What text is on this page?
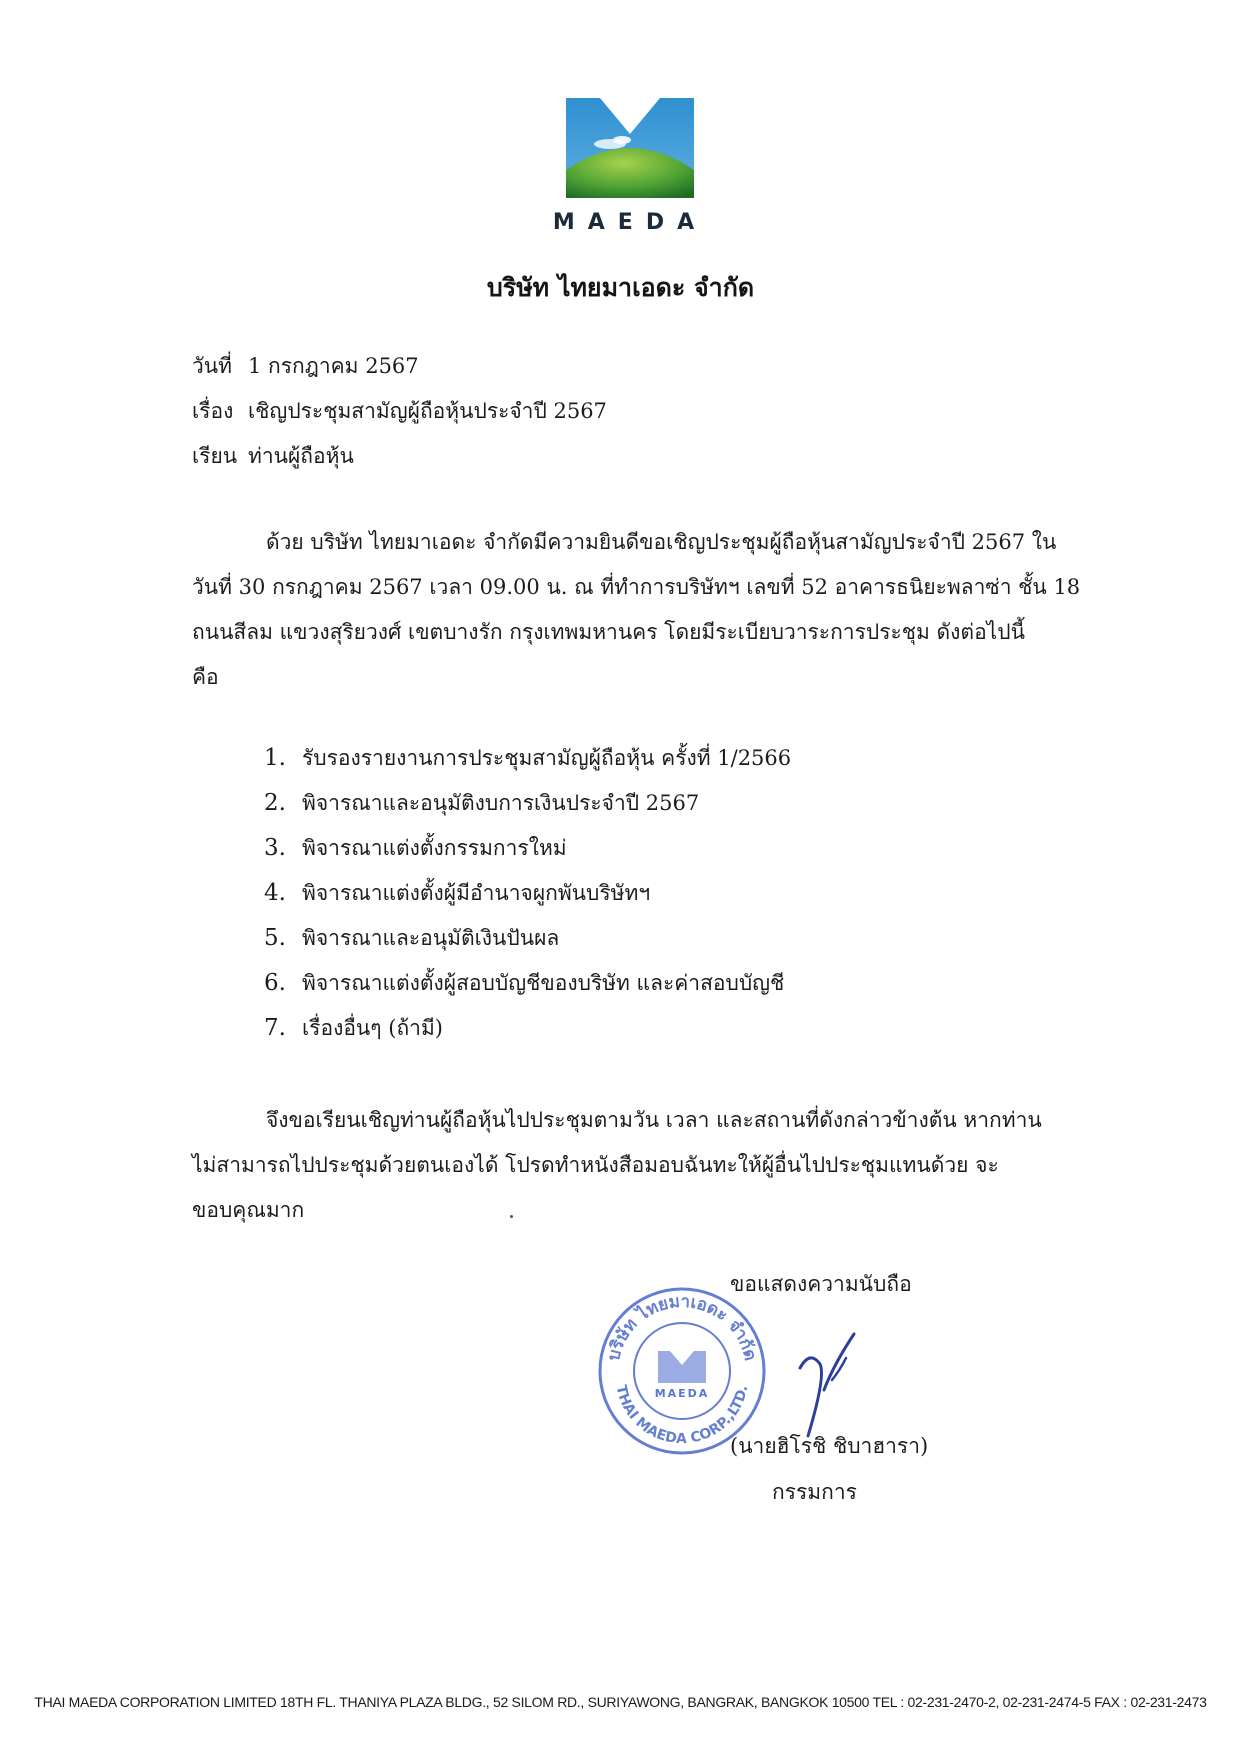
MAEDA
บริษัท ไทยมาเอดะ จำกัด
วันที่ 1 กรกฎาคม 2567
เรื่อง เชิญประชุมสามัญผู้ถือหุ้นประจำปี 2567
เรียน ท่านผู้ถือหุ้น
ด้วย บริษัท ไทยมาเอดะ จำกัดมีความยินดีขอเชิญประชุมผู้ถือหุ้นสามัญประจำปี 2567 ใน
วันที่ 30 กรกฎาคม 2567 เวลา 09.00 น. ณ ที่ทำการบริษัทฯ เลขที่ 52 อาคารธนิยะพลาซ่า ชั้น 18
ถนนสีลม แขวงสุริยวงศ์ เขตบางรัก กรุงเทพมหานคร โดยมีระเบียบวาระการประชุม ดังต่อไปนี้
คือ
1. รับรองรายงานการประชุมสามัญผู้ถือหุ้น ครั้งที่ 1/2566
2. พิจารณาและอนุมัติงบการเงินประจำปี 2567
3. พิจารณาแต่งตั้งกรรมการใหม่
4. พิจารณาแต่งตั้งผู้มีอำนาจผูกพันบริษัทฯ
5. พิจารณาและอนุมัติเงินปันผล
6. พิจารณาแต่งตั้งผู้สอบบัญชีของบริษัท และค่าสอบบัญชี
7. เรื่องอื่นๆ (ถ้ามี)
จึงขอเรียนเชิญท่านผู้ถือหุ้นไปประชุมตามวัน เวลา และสถานที่ดังกล่าวข้างต้น หากท่าน
ไม่สามารถไปประชุมด้วยตนเองได้ โปรดทำหนังสือมอบฉันทะให้ผู้อื่นไปประชุมแทนด้วย จะ
ขอบคุณมาก
ขอแสดงความนับถือ
บริษัท ไทยมาเอดะ จำกัด
THAI MAEDA CORP.,LTD.
MAEDA
(นายฮิโรชิ ชิบาฮารา)
กรรมการ
THAI MAEDA CORPORATION LIMITED 18TH FL. THANIYA PLAZA BLDG., 52 SILOM RD., SURIYAWONG, BANGRAK, BANGKOK 10500 TEL : 02-231-2470-2, 02-231-2474-5 FAX : 02-231-2473
